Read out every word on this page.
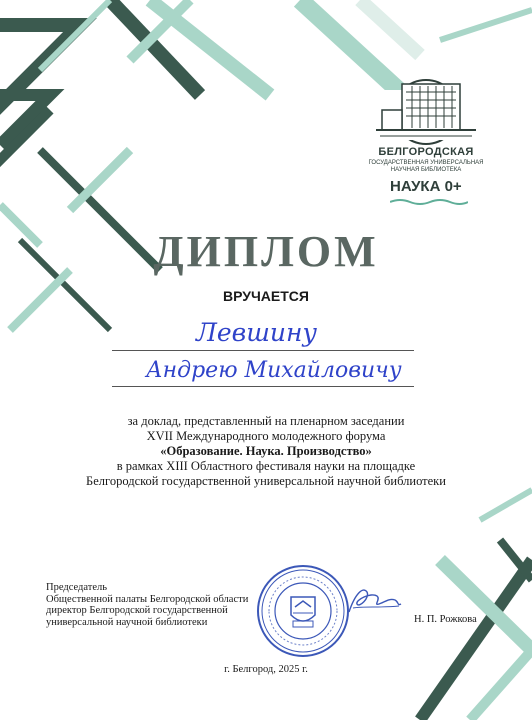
БЕЛГОРОДСКАЯ
ГОСУДАРСТВЕННАЯ УНИВЕРСАЛЬНАЯ
НАУЧНАЯ БИБЛИОТЕКА
НАУКА 0+
ДИПЛОМ
ВРУЧАЕТСЯ
Левшину
Андрею Михайловичу
за доклад, представленный на пленарном заседании
XVII Международного молодежного форума
«Образование. Наука. Производство»
в рамках XIII Областного фестиваля науки на площадке
Белгородской государственной универсальной научной библиотеки
Председатель
Общественной палаты Белгородской области
директор Белгородской государственной
универсальной научной библиотеки	Н. П. Рожкова
г. Белгород, 2025 г.
